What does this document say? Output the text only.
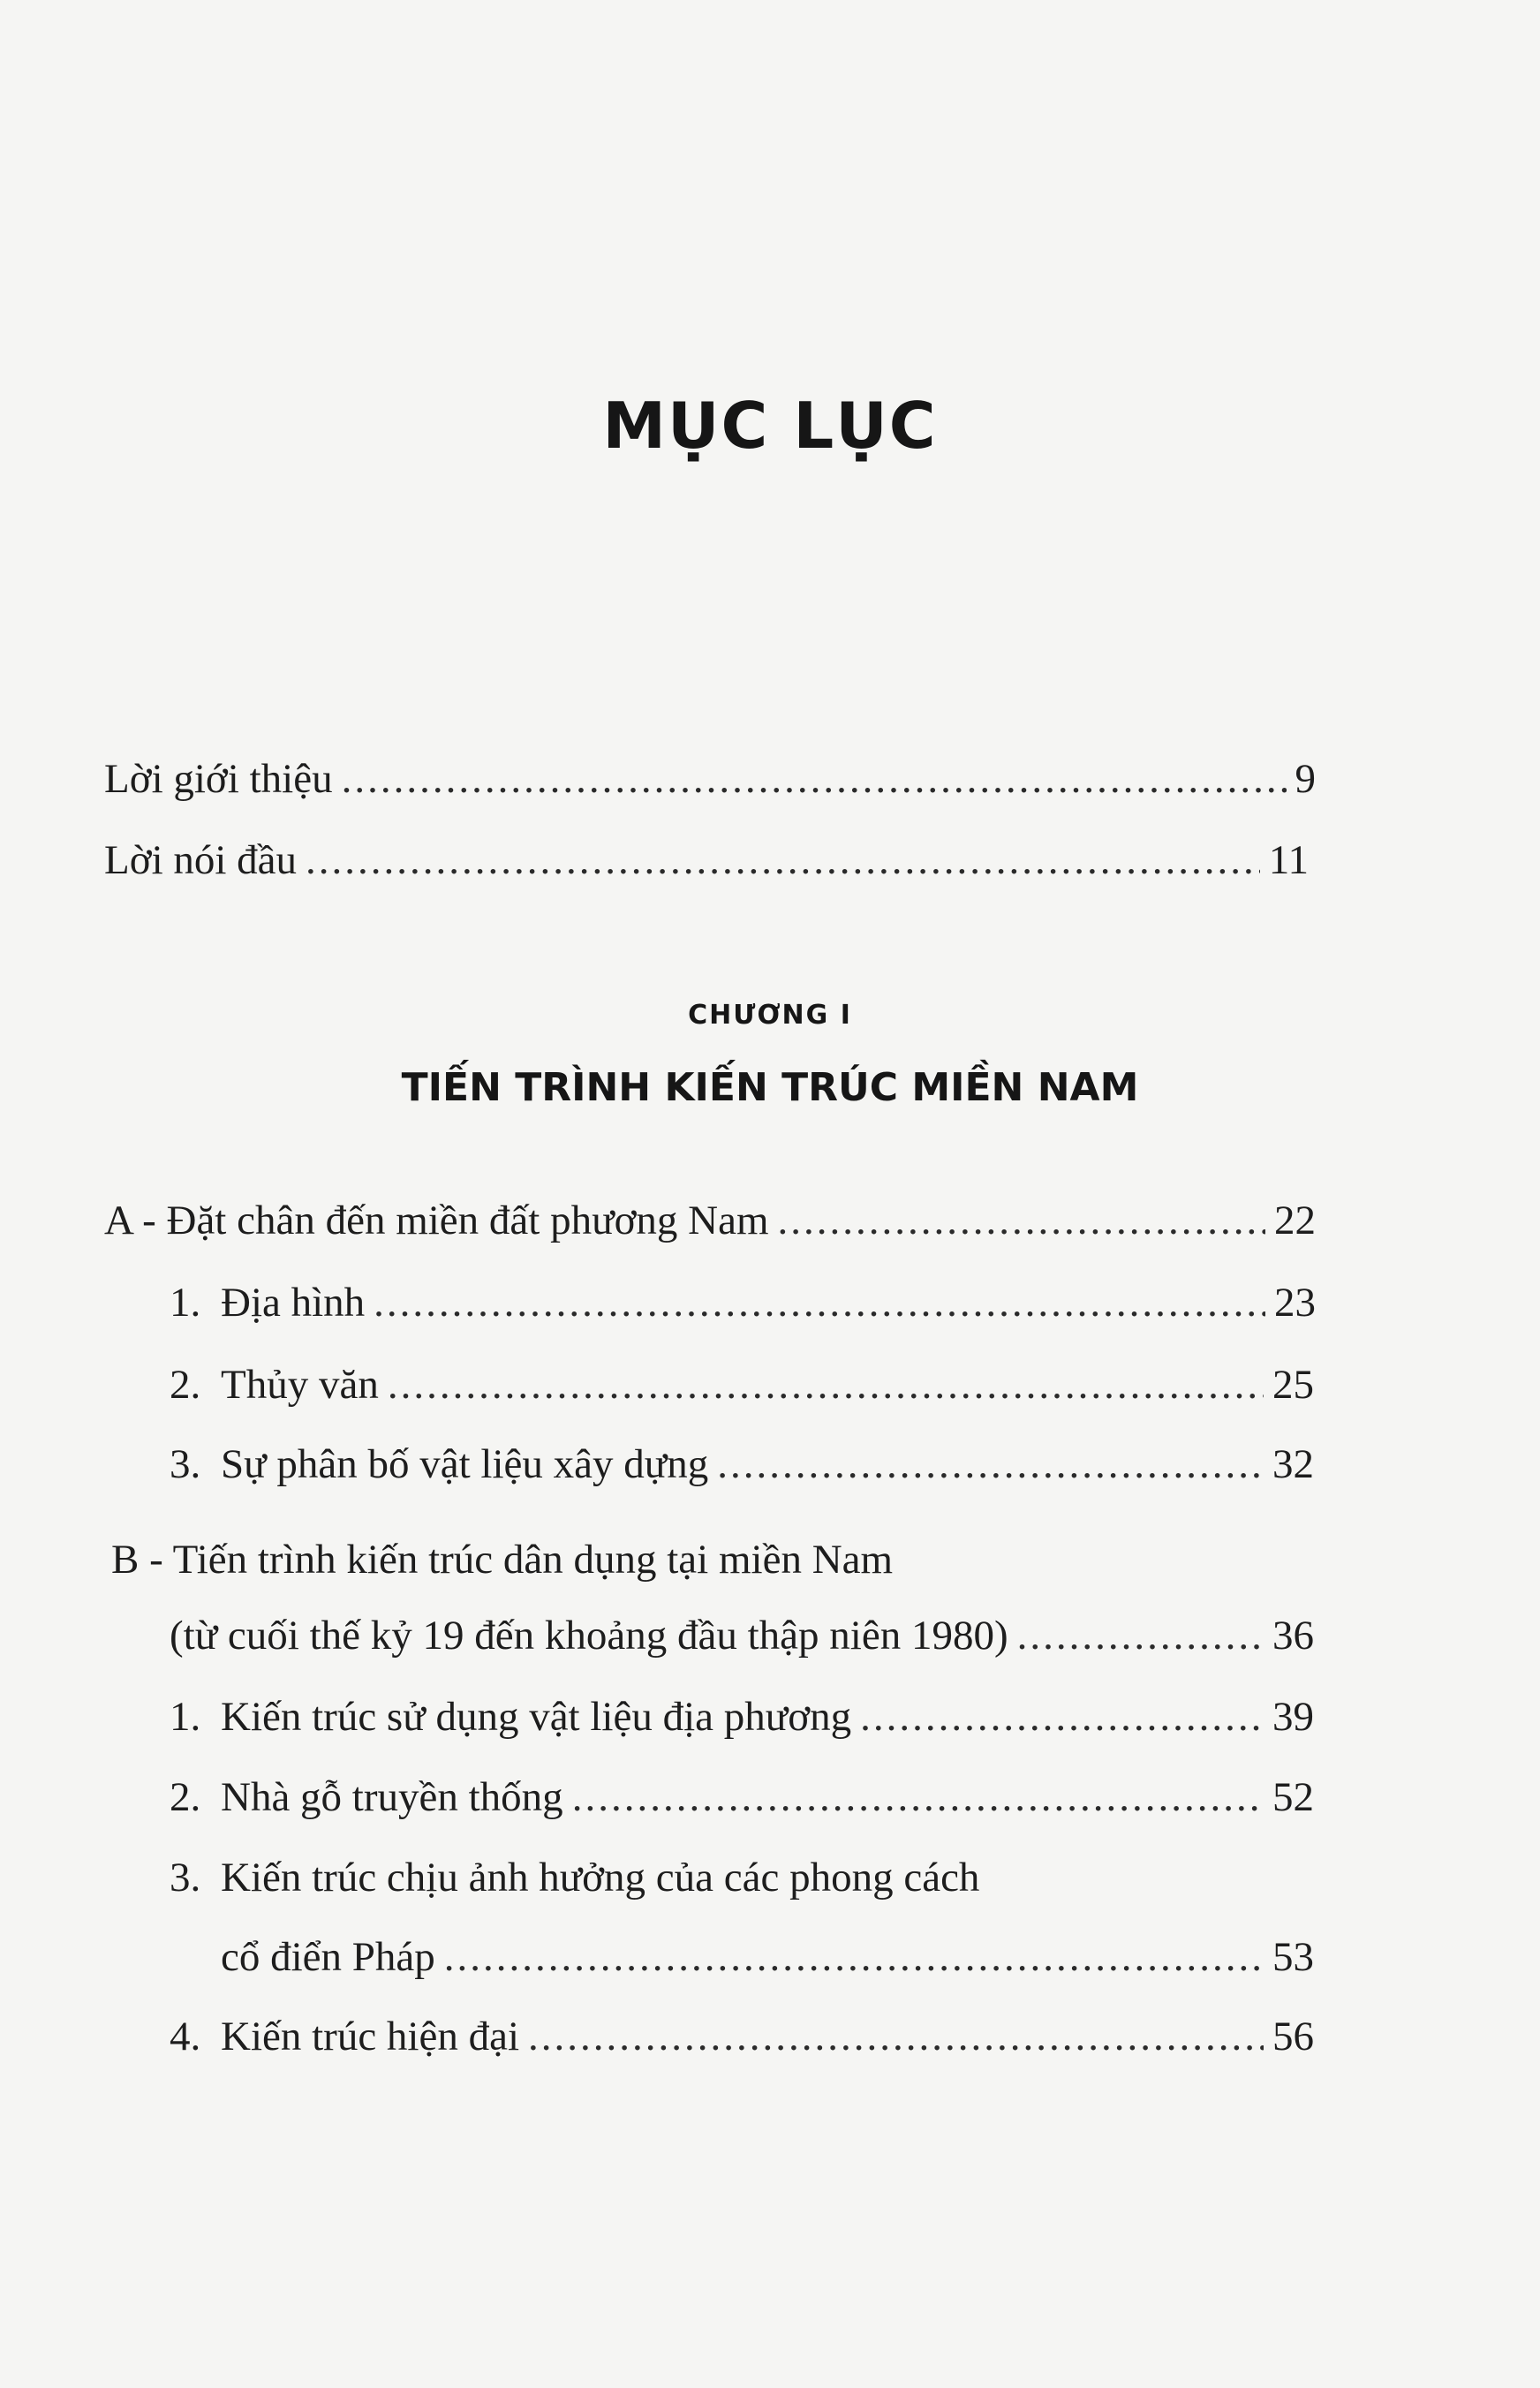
MỤC LỤC
Lời giới thiệu .....	9
Lời nói đầu .....	11
CHƯƠNG I
TIẾN TRÌNH KIẾN TRÚC MIỀN NAM
A - Đặt chân đến miền đất phương Nam .....	22
1. Địa hình .....	23
2. Thủy văn .....	25
3. Sự phân bố vật liệu xây dựng .....	32
B - Tiến trình kiến trúc dân dụng tại miền Nam
(từ cuối thế kỷ 19 đến khoảng đầu thập niên 1980) .....	36
1. Kiến trúc sử dụng vật liệu địa phương .....	39
2. Nhà gỗ truyền thống .....	52
3. Kiến trúc chịu ảnh hưởng của các phong cách
cổ điển Pháp .....	53
4. Kiến trúc hiện đại .....	56
